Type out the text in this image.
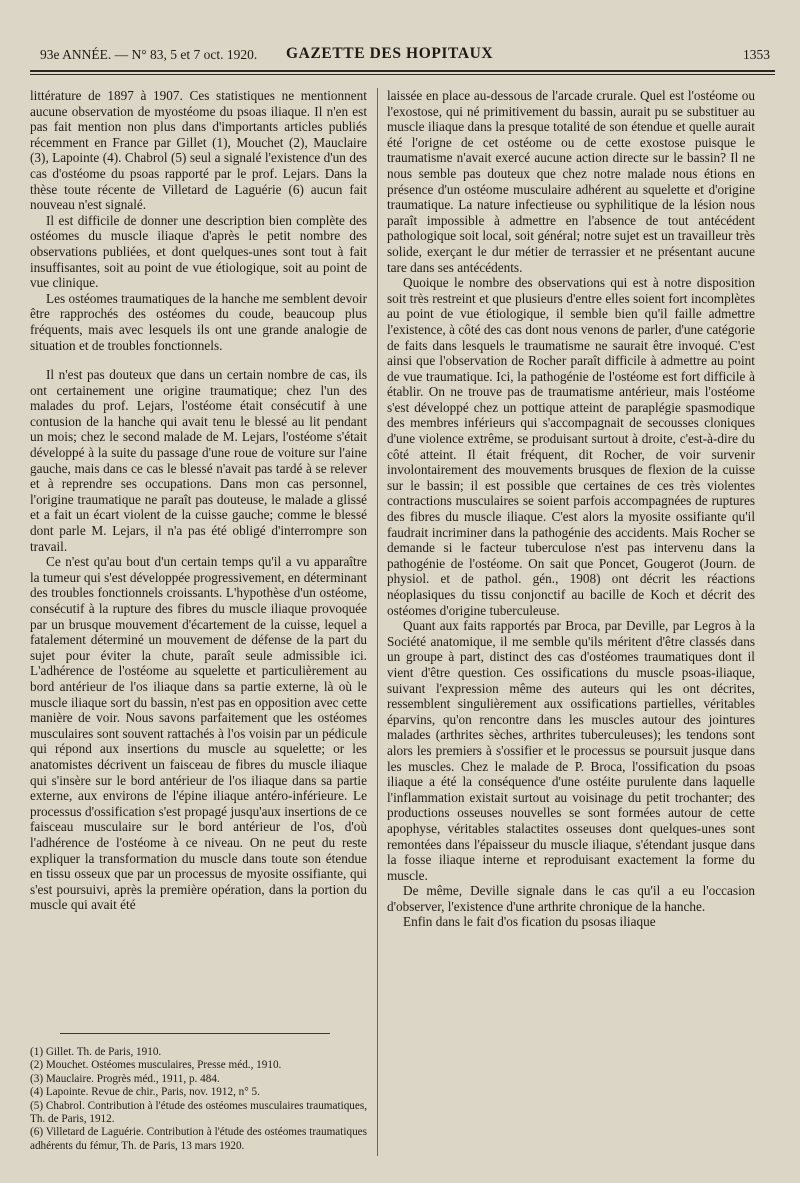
93e ANNÉE. — N° 83, 5 et 7 oct. 1920. GAZETTE DES HOPITAUX	1353

littérature de 1897 à 1907. Ces statistiques ne mentionnent aucune observation de myostéome du psoas iliaque. Il n'en est pas fait mention non plus dans d'importants articles publiés récemment en France par Gillet (1), Mouchet (2), Mauclaire (3), Lapointe (4). Chabrol (5) seul a signalé l'existence d'un des cas d'ostéome du psoas rapporté par le prof. Lejars. Dans la thèse toute récente de Villetard de Laguérie (6) aucun fait nouveau n'est signalé.

Il est difficile de donner une description bien complète des ostéomes du muscle iliaque d'après le petit nombre des observations publiées, et dont quelques-unes sont tout à fait insuffisantes, soit au point de vue étiologique, soit au point de vue clinique.

Les ostéomes traumatiques de la hanche me semblent devoir être rapprochés des ostéomes du coude, beaucoup plus fréquents, mais avec lesquels ils ont une grande analogie de situation et de troubles fonctionnels.

Il n'est pas douteux que dans un certain nombre de cas, ils ont certainement une origine traumatique; chez l'un des malades du prof. Lejars, l'ostéome était consécutif à une contusion de la hanche qui avait tenu le blessé au lit pendant un mois; chez le second malade de M. Lejars, l'ostéome s'était développé à la suite du passage d'une roue de voiture sur l'aine gauche, mais dans ce cas le blessé n'avait pas tardé à se relever et à reprendre ses occupations. Dans mon cas personnel, l'origine traumatique ne paraît pas douteuse, le malade a glissé et a fait un écart violent de la cuisse gauche; comme le blessé dont parle M. Lejars, il n'a pas été obligé d'interrompre son travail.

Ce n'est qu'au bout d'un certain temps qu'il a vu apparaître la tumeur qui s'est développée progressivement, en déterminant des troubles fonctionnels croissants. L'hypothèse d'un ostéome, consécutif à la rupture des fibres du muscle iliaque provoquée par un brusque mouvement d'écartement de la cuisse, lequel a fatalement déterminé un mouvement de défense de la part du sujet pour éviter la chute, paraît seule admissible ici. L'adhérence de l'ostéome au squelette et particulièrement au bord antérieur de l'os iliaque dans sa partie externe, là où le muscle iliaque sort du bassin, n'est pas en opposition avec cette manière de voir. Nous savons parfaitement que les ostéomes musculaires sont souvent rattachés à l'os voisin par un pédicule qui répond aux insertions du muscle au squelette; or les anatomistes décrivent un faisceau de fibres du muscle iliaque qui s'insère sur le bord antérieur de l'os iliaque dans sa partie externe, aux environs de l'épine iliaque antéro-inférieure. Le processus d'ossification s'est propagé jusqu'aux insertions de ce faisceau musculaire sur le bord antérieur de l'os, d'où l'adhérence de l'ostéome à ce niveau. On ne peut du reste expliquer la transformation du muscle dans toute son étendue en tissu osseux que par un processus de myosite ossifiante, qui s'est poursuivi, après la première opération, dans la portion du muscle qui avait été

(1) Gillet. Th. de Paris, 1910.

(2) Mouchet. Ostéomes musculaires, Presse méd., 1910.

(3) Mauclaire. Progrès méd., 1911, p. 484.

(4) Lapointe. Revue de chir., Paris, nov. 1912, n° 5.

(5) Chabrol. Contribution à l'étude des ostéomes musculaires traumatiques, Th. de Paris, 1912.

(6) Villetard de Laguérie. Contribution à l'étude des ostéomes traumatiques adhérents du fémur, Th. de Paris, 13 mars 1920.

laissée en place au-dessous de l'arcade crurale. Quel est l'ostéome ou l'exostose, qui né primitivement du bassin, aurait pu se substituer au muscle iliaque dans la presque totalité de son étendue et quelle aurait été l'origne de cet ostéome ou de cette exostose puisque le traumatisme n'avait exercé aucune action directe sur le bassin? Il ne nous semble pas douteux que chez notre malade nous étions en présence d'un ostéome musculaire adhérent au squelette et d'origine traumatique. La nature infectieuse ou syphilitique de la lésion nous paraît impossible à admettre en l'absence de tout antécédent pathologique soit local, soit général; notre sujet est un travailleur très solide, exerçant le dur métier de terrassier et ne présentant aucune tare dans ses antécédents.

Quoique le nombre des observations qui est à notre disposition soit très restreint et que plusieurs d'entre elles soient fort incomplètes au point de vue étiologique, il semble bien qu'il faille admettre l'existence, à côté des cas dont nous venons de parler, d'une catégorie de faits dans lesquels le traumatisme ne saurait être invoqué. C'est ainsi que l'observation de Rocher paraît difficile à admettre au point de vue traumatique. Ici, la pathogénie de l'ostéome est fort difficile à établir. On ne trouve pas de traumatisme antérieur, mais l'ostéome s'est développé chez un pottique atteint de paraplégie spasmodique des membres inférieurs qui s'accompagnait de secousses cloniques d'une violence extrême, se produisant surtout à droite, c'est-à-dire du côté atteint. Il était fréquent, dit Rocher, de voir survenir involontairement des mouvements brusques de flexion de la cuisse sur le bassin; il est possible que certaines de ces très violentes contractions musculaires se soient parfois accompagnées de ruptures des fibres du muscle iliaque. C'est alors la myosite ossifiante qu'il faudrait incriminer dans la pathogénie des accidents. Mais Rocher se demande si le facteur tuberculose n'est pas intervenu dans la pathogénie de l'ostéome. On sait que Poncet, Gougerot (Journ. de physiol. et de pathol. gén., 1908) ont décrit les réactions néoplasiques du tissu conjonctif au bacille de Koch et décrit des ostéomes d'origine tuberculeuse.

Quant aux faits rapportés par Broca, par Deville, par Legros à la Société anatomique, il me semble qu'ils méritent d'être classés dans un groupe à part, distinct des cas d'ostéomes traumatiques dont il vient d'être question. Ces ossifications du muscle psoas-iliaque, suivant l'expression même des auteurs qui les ont décrites, ressemblent singulièrement aux ossifications partielles, véritables éparvins, qu'on rencontre dans les muscles autour des jointures malades (arthrites sèches, arthrites tuberculeuses); les tendons sont alors les premiers à s'ossifier et le processus se poursuit jusque dans les muscles. Chez le malade de P. Broca, l'ossification du psoas iliaque a été la conséquence d'une ostéite purulente dans laquelle l'inflammation existait surtout au voisinage du petit trochanter; des productions osseuses nouvelles se sont formées autour de cette apophyse, véritables stalactites osseuses dont quelques-unes sont remontées dans l'épaisseur du muscle iliaque, s'étendant jusque dans la fosse iliaque interne et reproduisant exactement la forme du muscle.

De même, Deville signale dans le cas qu'il a eu l'occasion d'observer, l'existence d'une arthrite chronique de la hanche.

Enfin dans le fait d'os fication du psosas iliaque
